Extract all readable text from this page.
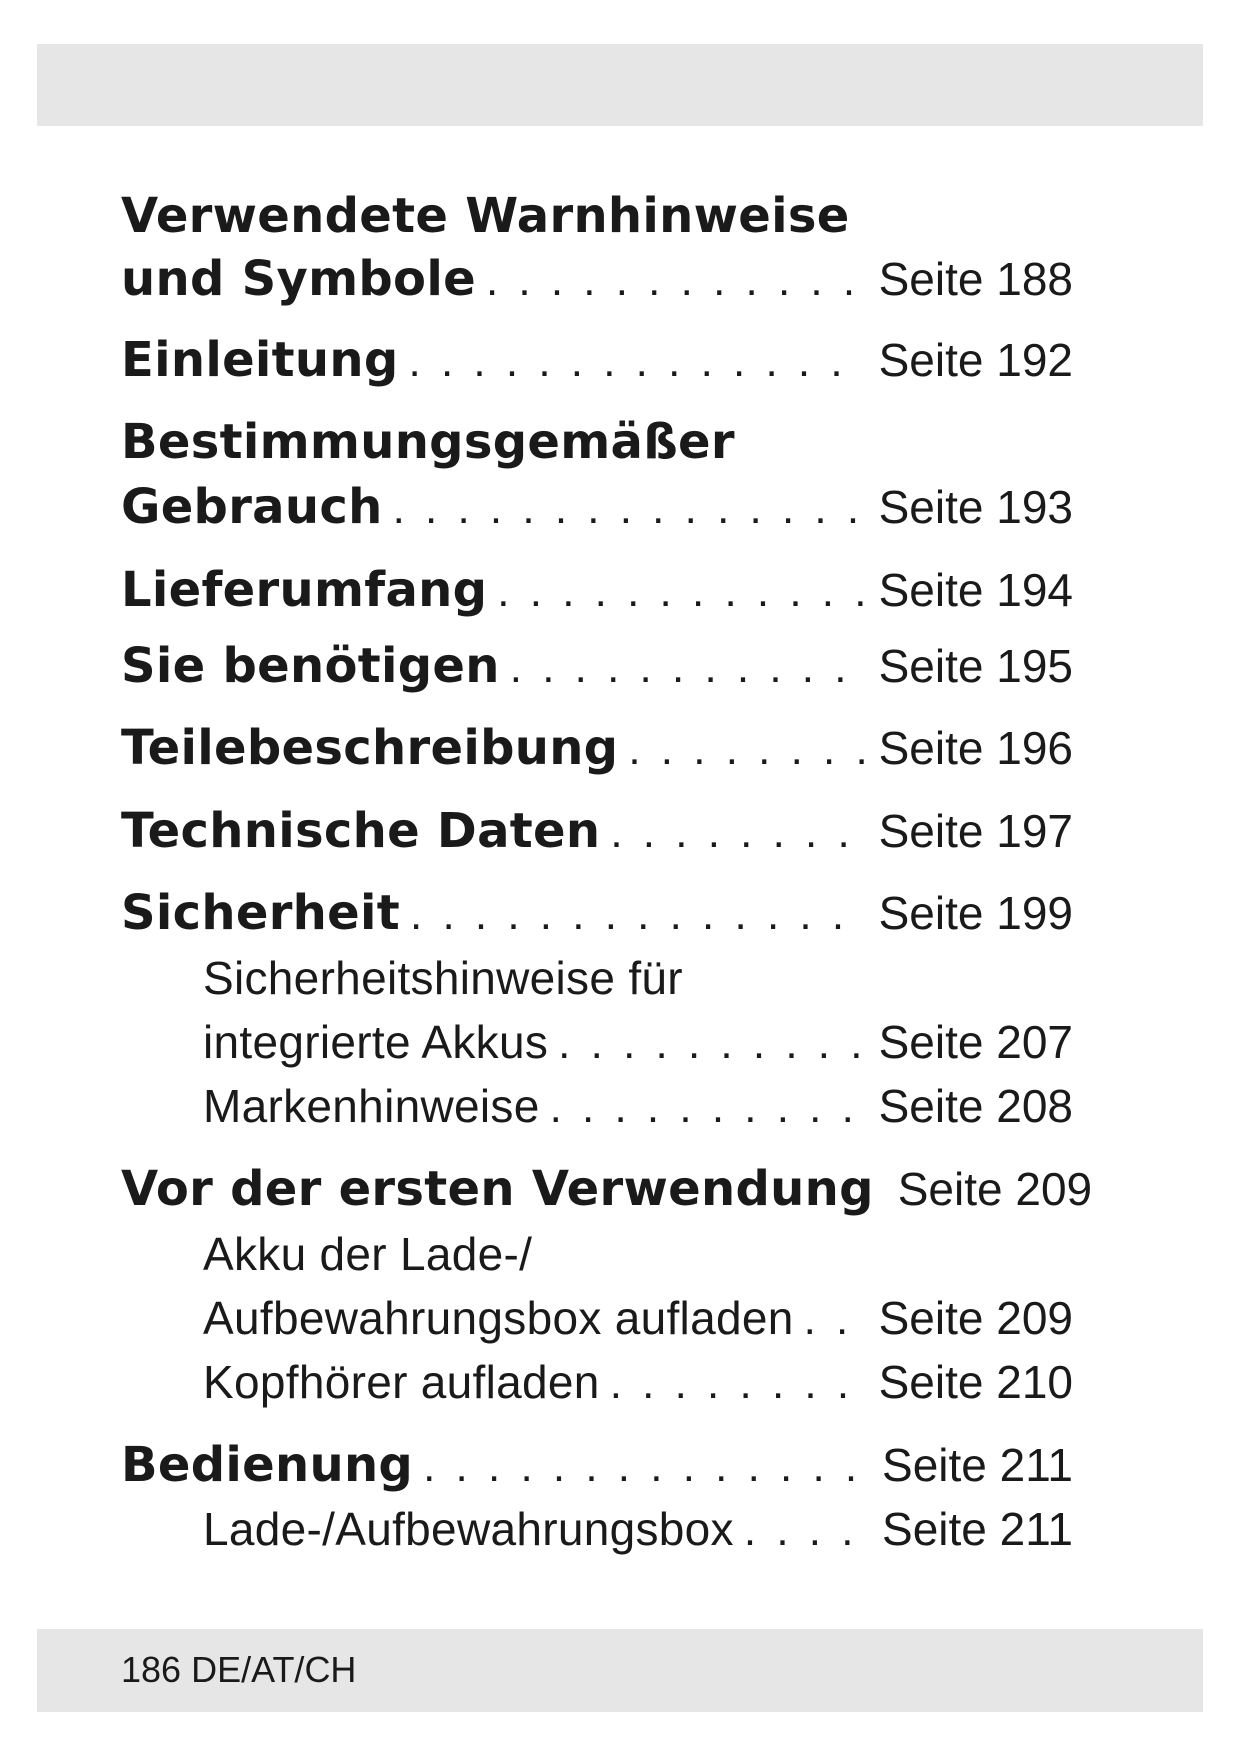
Verwendete Warnhinweise
und Symbole . . .	Seite 188
Einleitung . . .	Seite 192
Bestimmungsgemäßer
Gebrauch . . .	Seite 193
Lieferumfang . . .	Seite 194
Sie benötigen . . .	Seite 195
Teilebeschreibung . . .	Seite 196
Technische Daten . . .	Seite 197
Sicherheit . . .	Seite 199
Sicherheitshinweise für
integrierte Akkus . . .	Seite 207
Markenhinweise . . .	Seite 208
Vor der ersten Verwendung Seite 209
Akku der Lade-/
Aufbewahrungsbox aufladen . . . Seite 209
Kopfhörer aufladen . . .	Seite 210
Bedienung . . .	Seite 211
Lade-/Aufbewahrungsbox . . .	Seite 211
186 DE/AT/CH
